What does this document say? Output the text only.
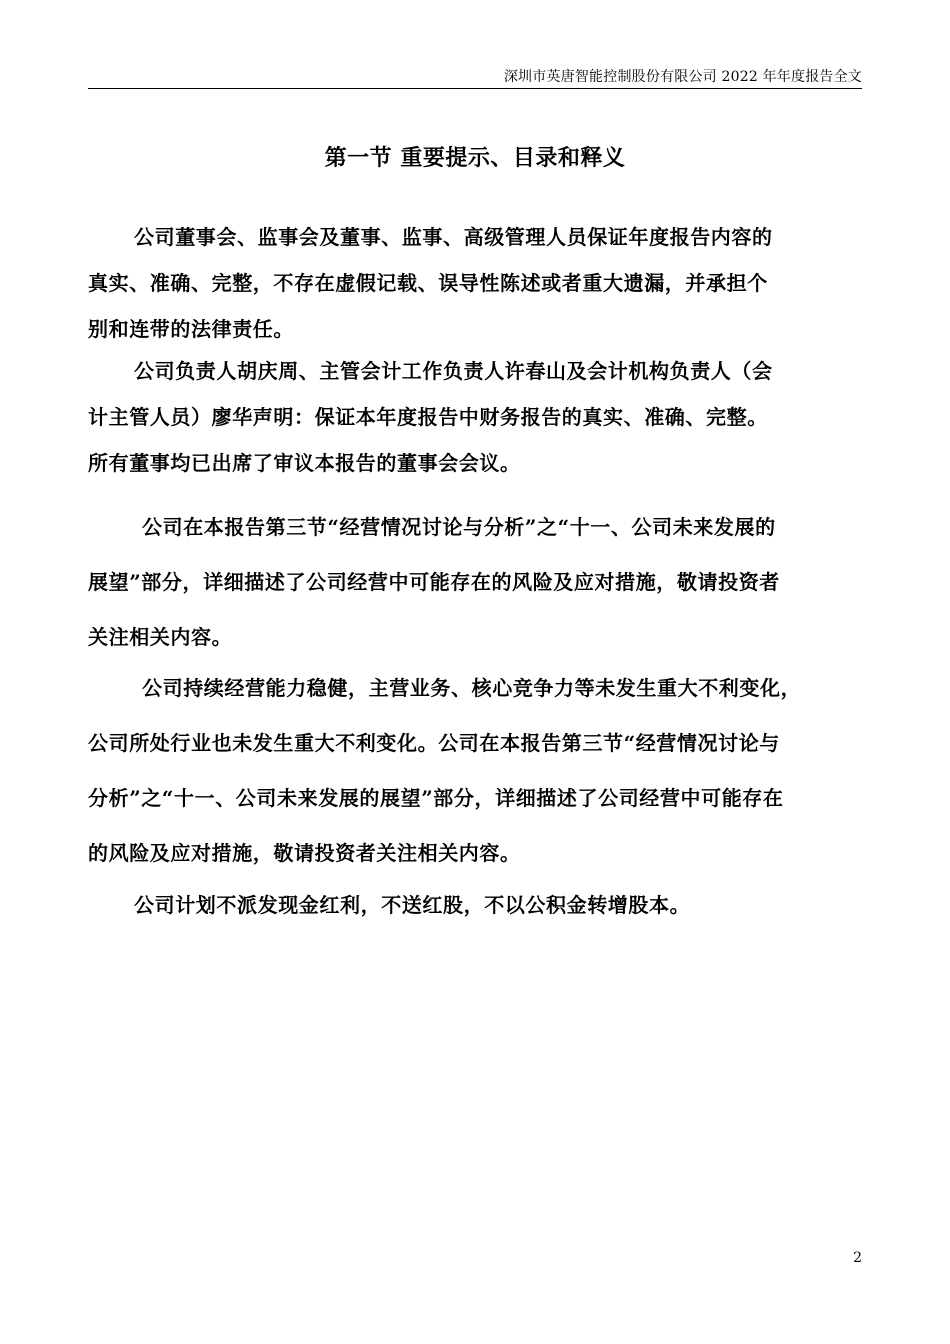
深圳市英唐智能控制股份有限公司 2022 年年度报告全文
第一节 重要提示、目录和释义
公司董事会、监事会及董事、监事、高级管理人员保证年度报告内容的
真实、准确、完整，不存在虚假记载、误导性陈述或者重大遗漏，并承担个
别和连带的法律责任。
公司负责人胡庆周、主管会计工作负责人许春山及会计机构负责人（会
计主管人员）廖华声明：保证本年度报告中财务报告的真实、准确、完整。
所有董事均已出席了审议本报告的董事会会议。
公司在本报告第三节“经营情况讨论与分析”之“十一、公司未来发展的
展望”部分，详细描述了公司经营中可能存在的风险及应对措施，敬请投资者
关注相关内容。
公司持续经营能力稳健，主营业务、核心竞争力等未发生重大不利变化，
公司所处行业也未发生重大不利变化。公司在本报告第三节“经营情况讨论与
分析”之“十一、公司未来发展的展望”部分，详细描述了公司经营中可能存在
的风险及应对措施，敬请投资者关注相关内容。
公司计划不派发现金红利，不送红股，不以公积金转增股本。
2
